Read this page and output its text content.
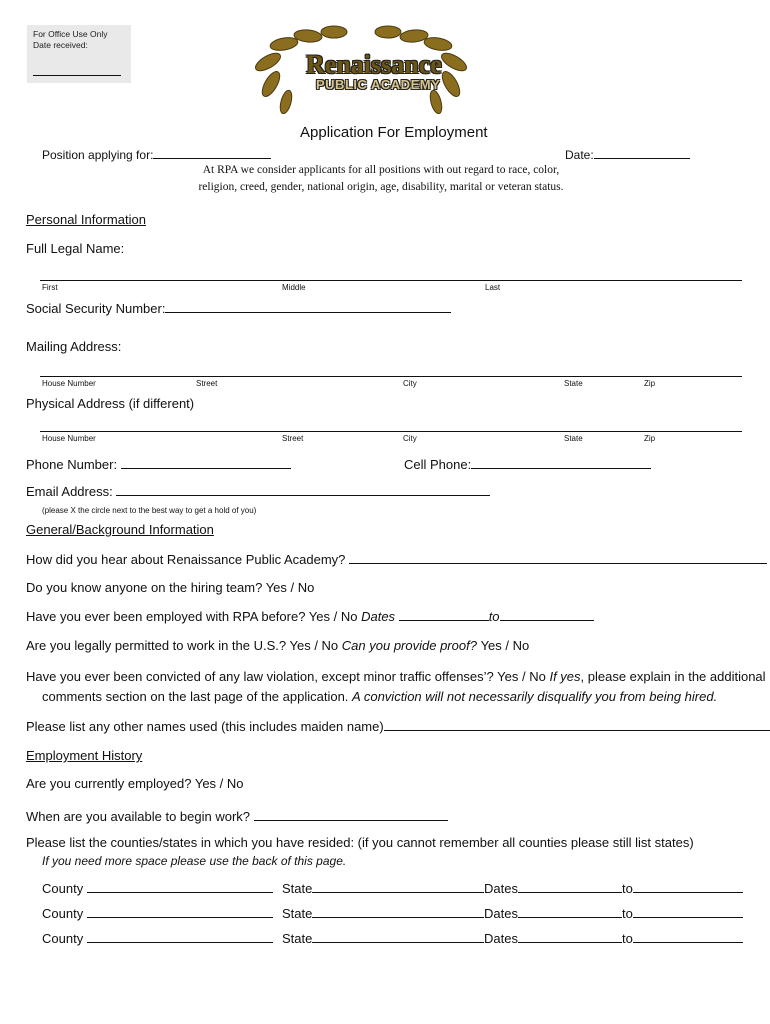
For Office Use Only Date received:
Renaissance
PUBLIC ACADEMY
Application For Employment
Position applying for:	Date:
At RPA we consider applicants for all positions with out regard to race, color, religion, creed, gender, national origin, age, disability, marital or veteran status.
Personal Information
Full Legal Name:
First	Middle	Last
Social Security Number:
Mailing Address:
House Number	Street	City	State	Zip
Physical Address (if different)
House Number	Street	City	State	Zip
Phone Number:	Cell Phone:
Email Address:
(please X the circle next to the best way to get a hold of you)
General/Background Information
How did you hear about Renaissance Public Academy?
Do you know anyone on the hiring team? Yes / No
Have you ever been employed with RPA before? Yes / No Dates	to
Are you legally permitted to work in the U.S.? Yes / No Can you provide proof? Yes / No
Have you ever been convicted of any law violation, except minor traffic offenses’? Yes / No If yes, please explain in the additional
comments section on the last page of the application. A conviction will not necessarily disqualify you from being hired.
Please list any other names used (this includes maiden name)
Employment History
Are you currently employed? Yes / No
When are you available to begin work?
Please list the counties/states in which you have resided: (if you cannot remember all counties please still list states)
If you need more space please use the back of this page.
County	State	Dates	to
County	State	Dates	to
County	State	Dates	to
